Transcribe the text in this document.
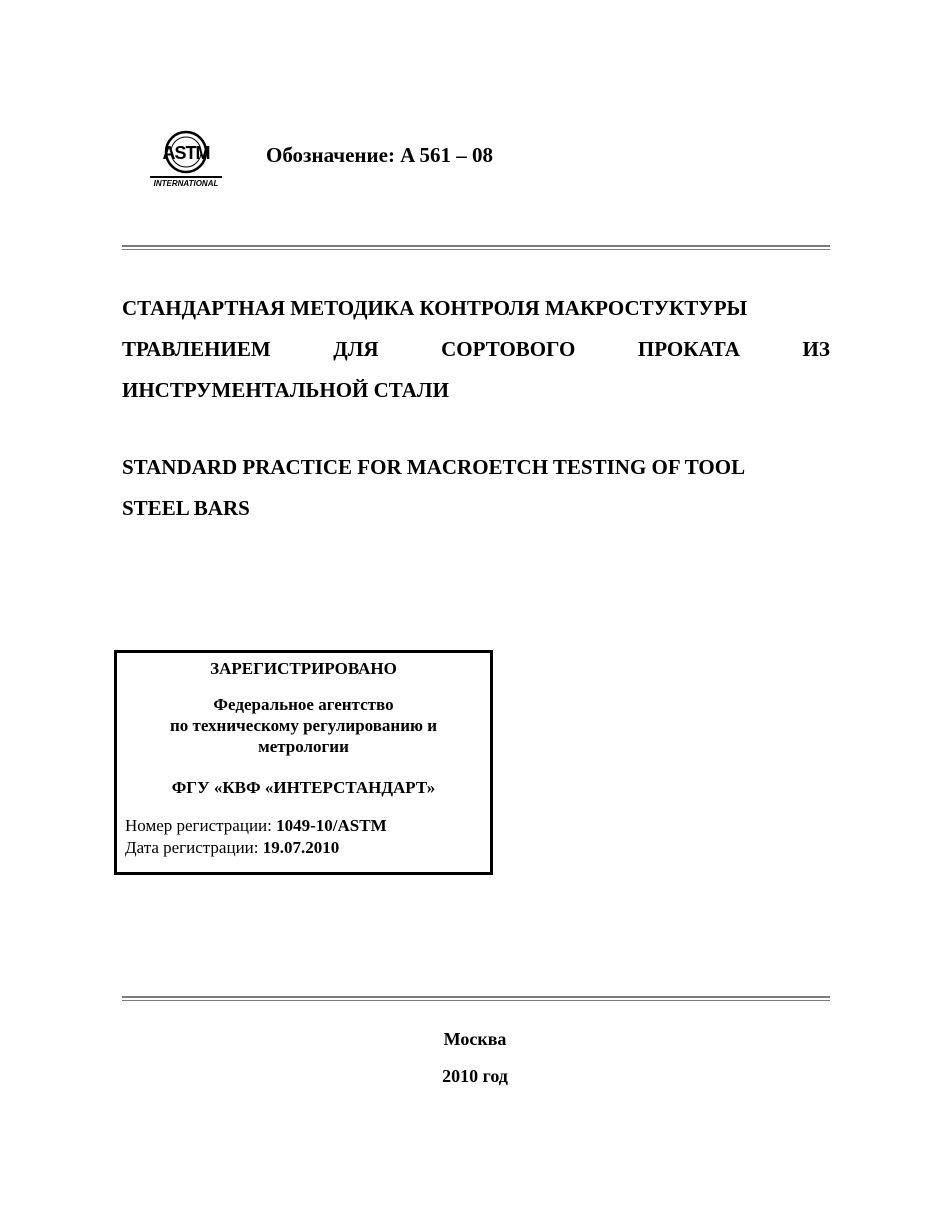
ASTM
INTERNATIONAL
Обозначение: A 561 – 08
СТАНДАРТНАЯ МЕТОДИКА КОНТРОЛЯ МАКРОСТУКТУРЫ
ТРАВЛЕНИЕМ	ДЛЯ	СОРТОВОГО	ПРОКАТА	ИЗ
ИНСТРУМЕНТАЛЬНОЙ СТАЛИ
STANDARD PRACTICE FOR MACROETCH TESTING OF TOOL
STEEL BARS
ЗАРЕГИСТРИРОВАНО
Федеральное агентство
по техническому регулированию и
метрологии
ФГУ «КВФ «ИНТЕРСТАНДАРТ»
Номер регистрации: 1049-10/ASTM
Дата регистрации: 19.07.2010
Москва
2010 год
